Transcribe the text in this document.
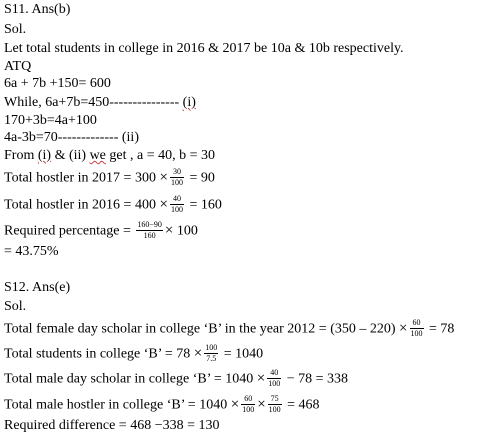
S11. Ans(b)
Sol.
Let total students in college in 2016 & 2017 be 10a & 10b respectively.
ATQ
6a + 7b +150= 600
While, 6a+7b=450--------------- (i)
170+3b=4a+100
4a-3b=70------------- (ii)
From (i) & (ii) we get , a = 40, b = 30
Total hostler in $2017 = 300 \times \frac{30}{100} = 90$
Total hostler in $2016 = 400 \times \frac{40}{100} = 160$
Required percentage = $\frac{160-90}{160} \times 100$
= 43.75%
S12. Ans(e)
Sol.
Total female day scholar in college ‘B’ in the year $2012 = (350 - 220) \times \frac{60}{100} = 78$
Total students in college ‘B’ = $78 \times \frac{100}{7.5} = 1040$
Total male day scholar in college ‘B’ = $1040 \times \frac{40}{100} - 78 = 338$
Total male hostler in college ‘B’ = $1040 \times \frac{60}{100} \times \frac{75}{100} = 468$
Required difference = 468 −338 = 130
